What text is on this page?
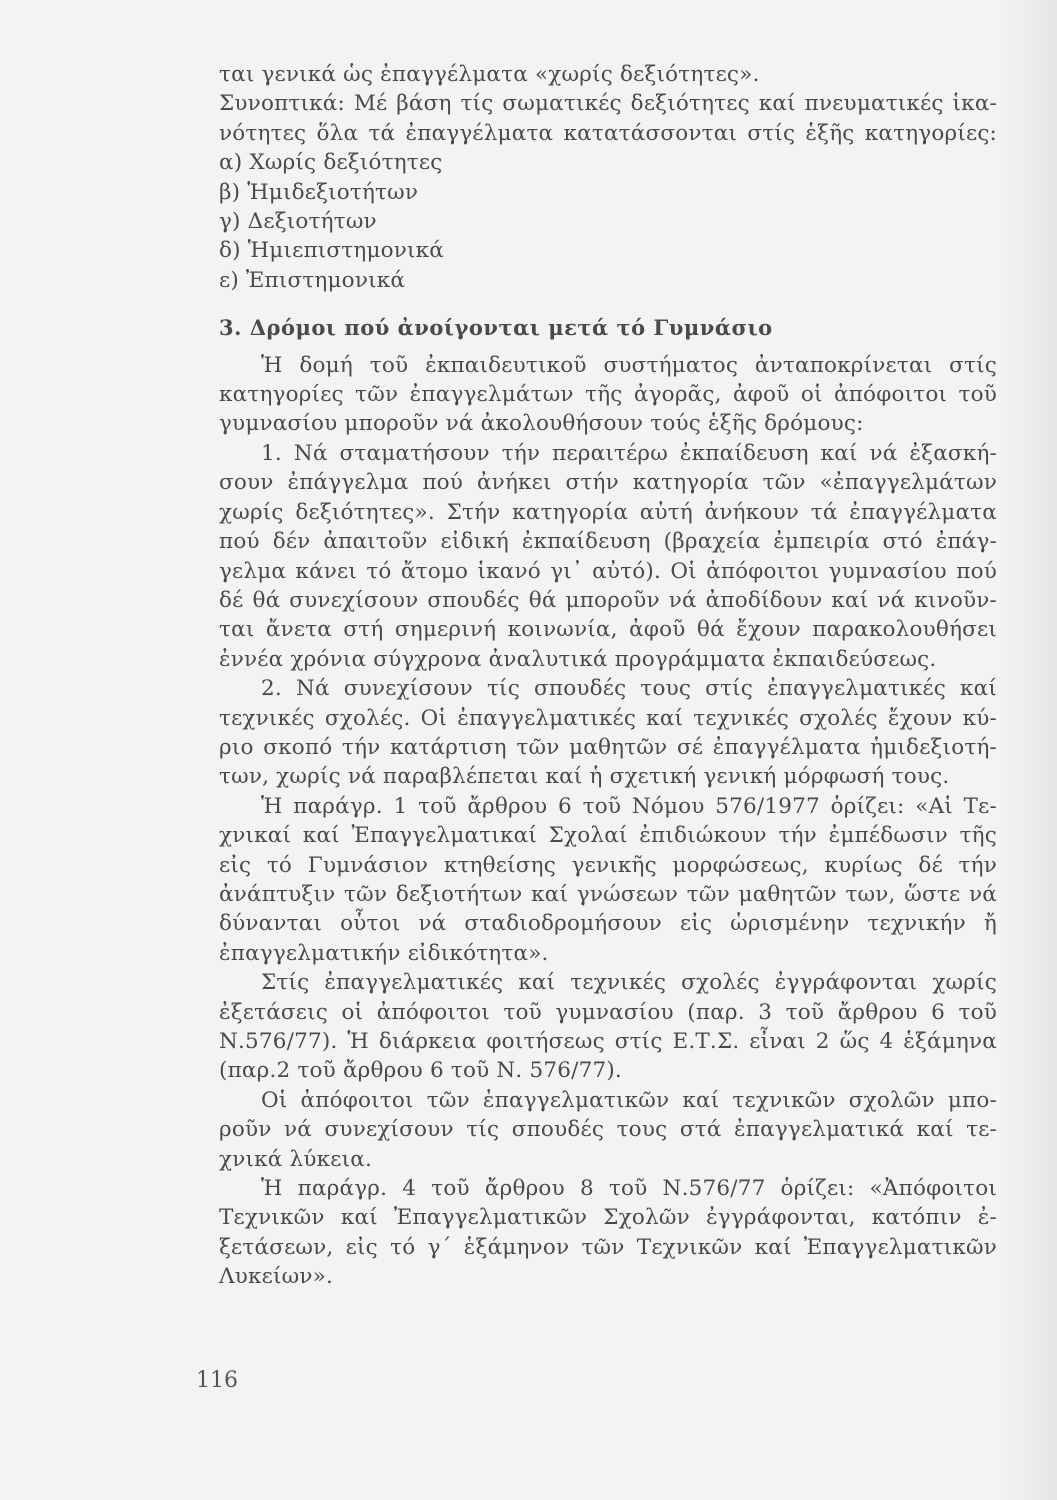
ται γενικά ὡς ἐπαγγέλματα «χωρίς δεξιότητες».
Συνοπτικά: Μέ βάση τίς σωματικές δεξιότητες καί πνευματικές ἱκα-
νότητες ὅλα τά ἐπαγγέλματα κατατάσσονται στίς ἑξῆς κατηγορίες:
α) Χωρίς δεξιότητες
β) Ἡμιδεξιοτήτων
γ) Δεξιοτήτων
δ) Ἡμιεπιστημονικά
ε) Ἐπιστημονικά
3. Δρόμοι πού ἀνοίγονται μετά τό Γυμνάσιο
Ἡ δομή τοῦ ἐκπαιδευτικοῦ συστήματος ἀνταποκρίνεται στίς
κατηγορίες τῶν ἐπαγγελμάτων τῆς ἀγορᾶς, ἀφοῦ οἱ ἀπόφοιτοι τοῦ
γυμνασίου μποροῦν νά ἀκολουθήσουν τούς ἑξῆς δρόμους:
1. Νά σταματήσουν τήν περαιτέρω ἐκπαίδευση καί νά ἐξασκή-
σουν ἐπάγγελμα πού ἀνήκει στήν κατηγορία τῶν «ἐπαγγελμάτων
χωρίς δεξιότητες». Στήν κατηγορία αὐτή ἀνήκουν τά ἐπαγγέλματα
πού δέν ἀπαιτοῦν εἰδική ἐκπαίδευση (βραχεία ἐμπειρία στό ἐπάγ-
γελμα κάνει τό ἄτομο ἱκανό γι᾿ αὐτό). Οἱ ἀπόφοιτοι γυμνασίου πού
δέ θά συνεχίσουν σπουδές θά μποροῦν νά ἀποδίδουν καί νά κινοῦν-
ται ἄνετα στή σημερινή κοινωνία, ἀφοῦ θά ἔχουν παρακολουθήσει
ἐννέα χρόνια σύγχρονα ἀναλυτικά προγράμματα ἐκπαιδεύσεως.
2. Νά συνεχίσουν τίς σπουδές τους στίς ἐπαγγελματικές καί
τεχνικές σχολές. Οἱ ἐπαγγελματικές καί τεχνικές σχολές ἔχουν κύ-
ριο σκοπό τήν κατάρτιση τῶν μαθητῶν σέ ἐπαγγέλματα ἡμιδεξιοτή-
των, χωρίς νά παραβλέπεται καί ἡ σχετική γενική μόρφωσή τους.
Ἡ παράγρ. 1 τοῦ ἄρθρου 6 τοῦ Νόμου 576/1977 ὁρίζει: «Αἱ Τε-
χνικαί καί Ἐπαγγελματικαί Σχολαί ἐπιδιώκουν τήν ἐμπέδωσιν τῆς
εἰς τό Γυμνάσιον κτηθείσης γενικῆς μορφώσεως, κυρίως δέ τήν
ἀνάπτυξιν τῶν δεξιοτήτων καί γνώσεων τῶν μαθητῶν των, ὥστε νά
δύνανται οὗτοι νά σταδιοδρομήσουν εἰς ὡρισμένην τεχνικήν ἤ
ἐπαγγελματικήν εἰδικότητα».
Στίς ἐπαγγελματικές καί τεχνικές σχολές ἐγγράφονται χωρίς
ἐξετάσεις οἱ ἀπόφοιτοι τοῦ γυμνασίου (παρ. 3 τοῦ ἄρθρου 6 τοῦ
Ν.576/77). Ἡ διάρκεια φοιτήσεως στίς Ε.Τ.Σ. εἶναι 2 ὥς 4 ἑξάμηνα
(παρ.2 τοῦ ἄρθρου 6 τοῦ Ν. 576/77).
Οἱ ἀπόφοιτοι τῶν ἐπαγγελματικῶν καί τεχνικῶν σχολῶν μπο-
ροῦν νά συνεχίσουν τίς σπουδές τους στά ἐπαγγελματικά καί τε-
χνικά λύκεια.
Ἡ παράγρ. 4 τοῦ ἄρθρου 8 τοῦ Ν.576/77 ὁρίζει: «Ἀπόφοιτοι
Τεχνικῶν καί Ἐπαγγελματικῶν Σχολῶν ἐγγράφονται, κατόπιν ἐ-
ξετάσεων, εἰς τό γ΄ ἑξάμηνον τῶν Τεχνικῶν καί Ἐπαγγελματικῶν
Λυκείων».
116
